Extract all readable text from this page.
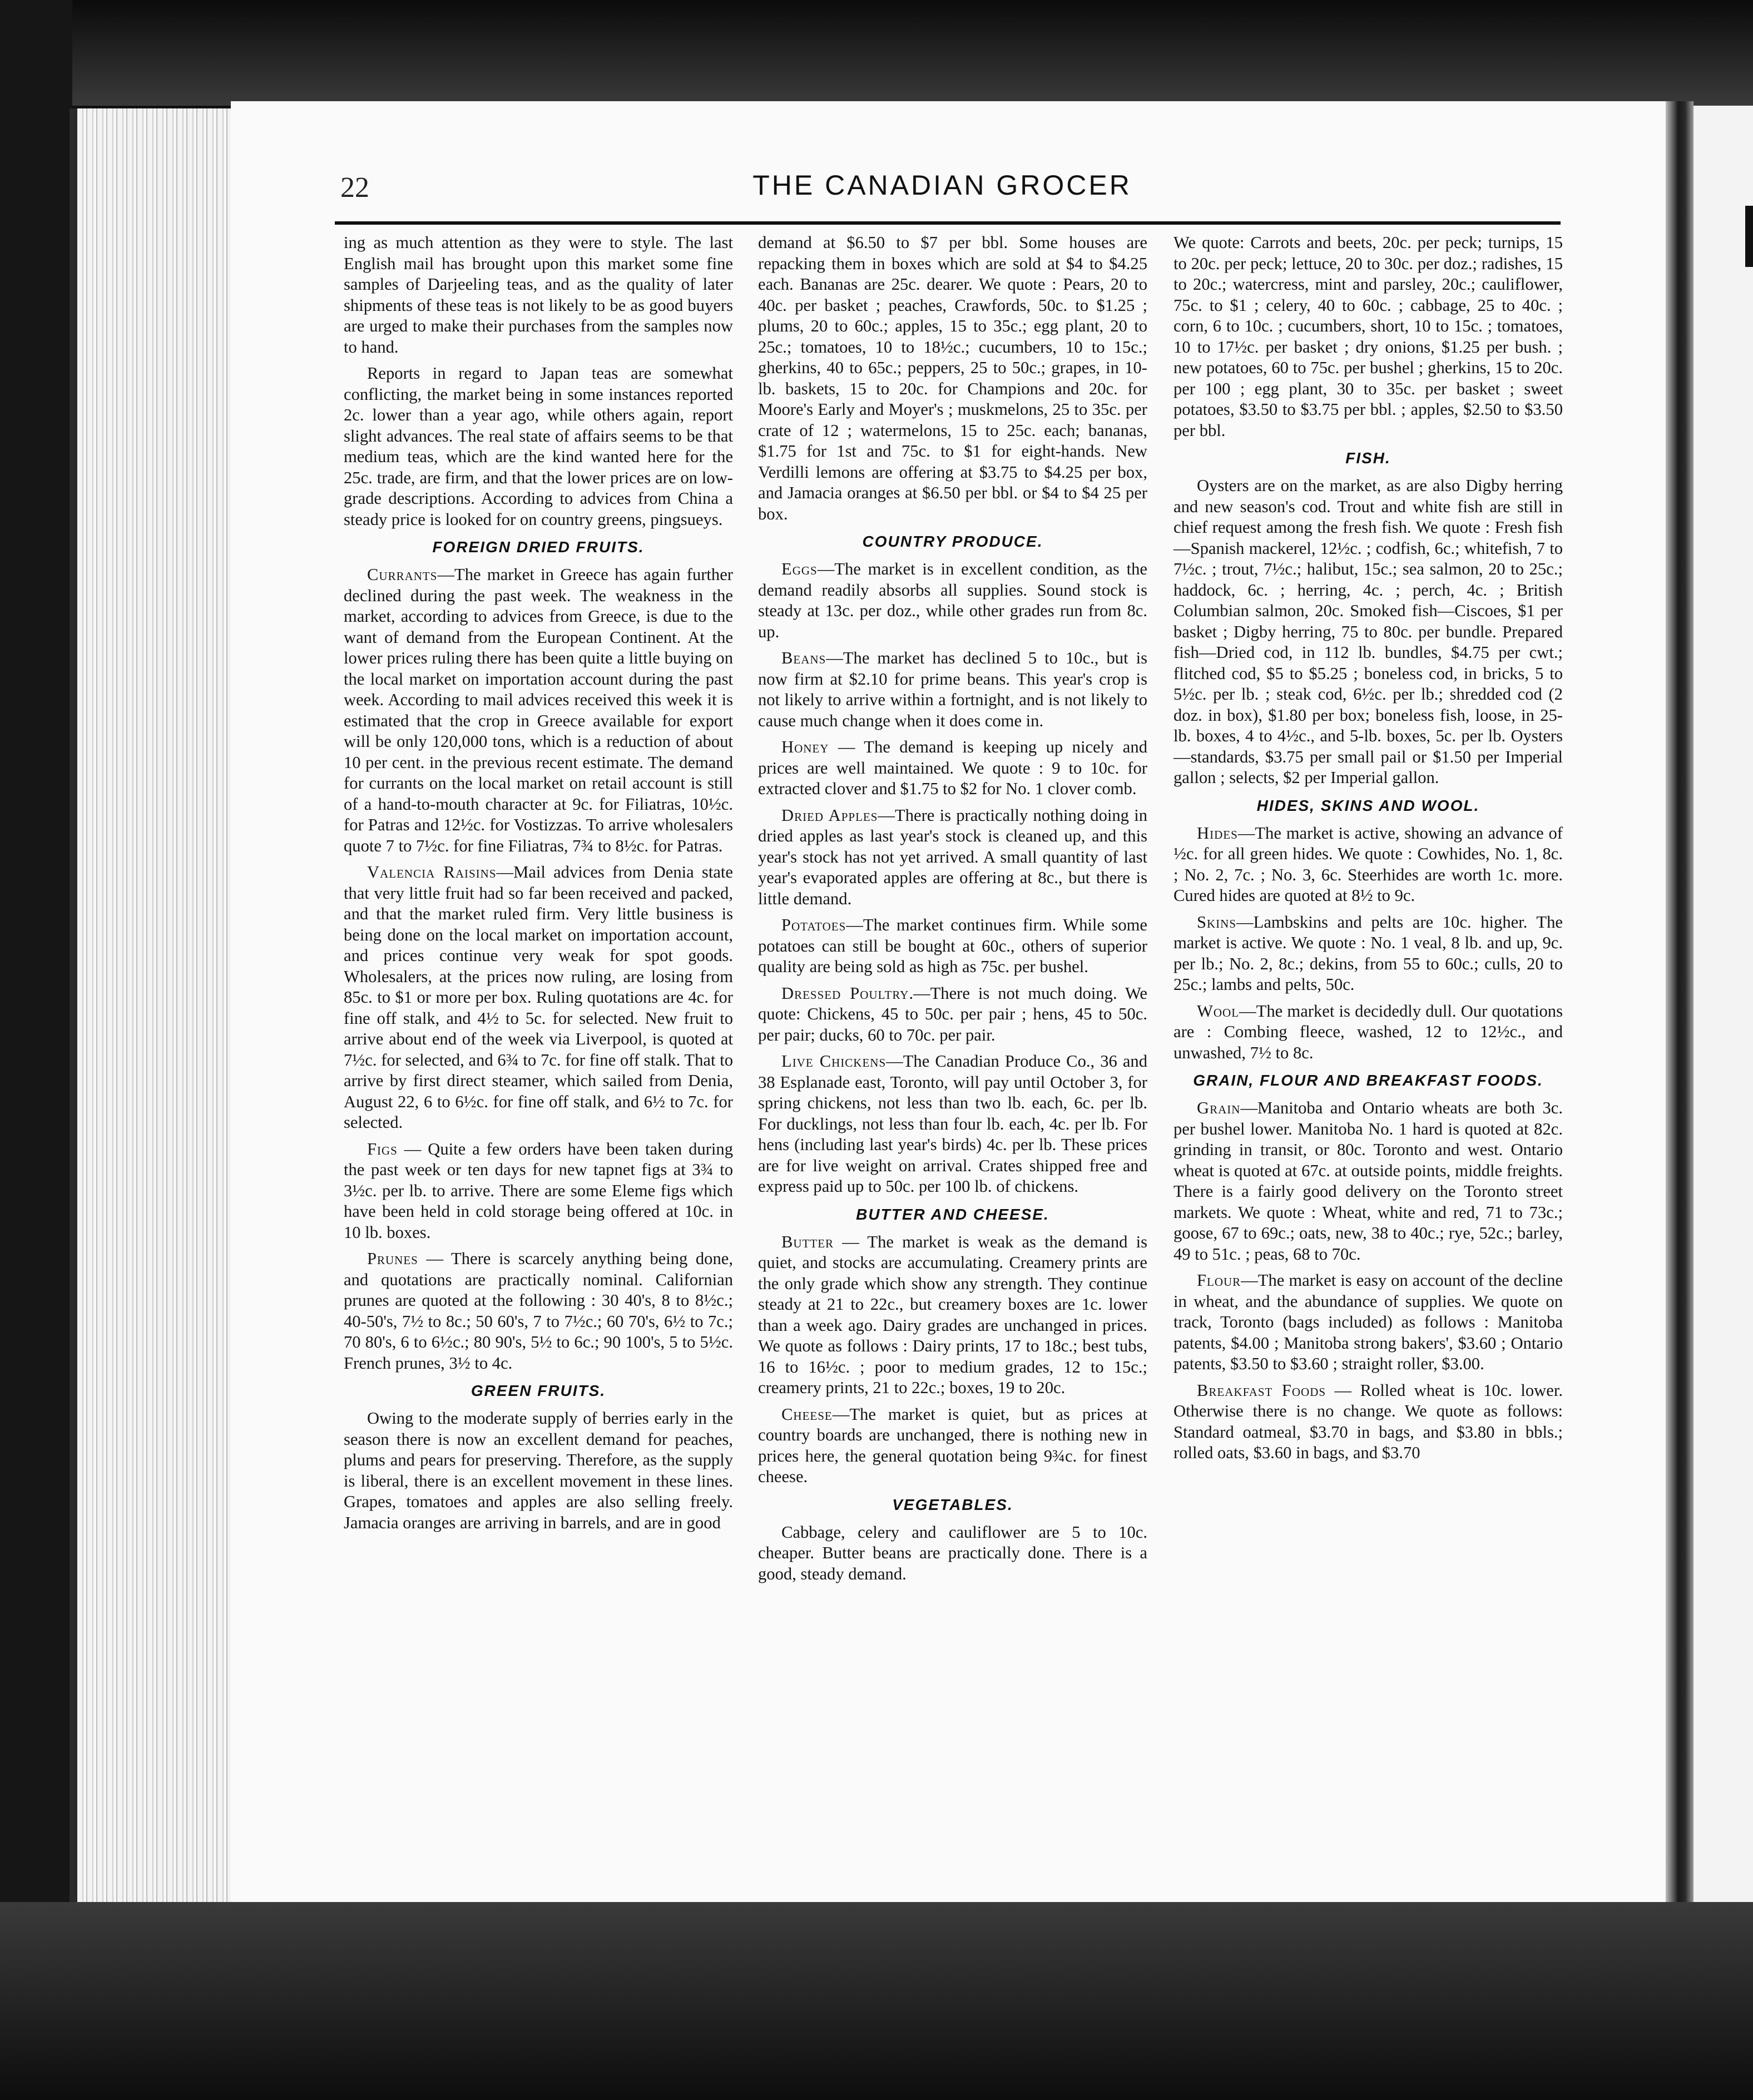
22	THE CANADIAN GROCER

ing as much attention as they were to style. The last English mail has brought upon this market some fine samples of Darjeeling teas, and as the quality of later shipments of these teas is not likely to be as good buyers are urged to make their purchases from the samples now to hand.

Reports in regard to Japan teas are somewhat conflicting, the market being in some instances reported 2c. lower than a year ago, while others again, report slight advances. The real state of affairs seems to be that medium teas, which are the kind wanted here for the 25c. trade, are firm, and that the lower prices are on low-grade descriptions. According to advices from China a steady price is looked for on country greens, pingsueys.

FOREIGN DRIED FRUITS.

Currants—The market in Greece has again further declined during the past week. The weakness in the market, according to advices from Greece, is due to the want of demand from the European Continent. At the lower prices ruling there has been quite a little buying on the local market on importation account during the past week. According to mail advices received this week it is estimated that the crop in Greece available for export will be only 120,000 tons, which is a reduction of about 10 per cent. in the previous recent estimate. The demand for currants on the local market on retail account is still of a hand-to-mouth character at 9c. for Filiatras, 10½c. for Patras and 12½c. for Vostizzas. To arrive wholesalers quote 7 to 7½c. for fine Filiatras, 7¾ to 8½c. for Patras.

Valencia Raisins—Mail advices from Denia state that very little fruit had so far been received and packed, and that the market ruled firm. Very little business is being done on the local market on importation account, and prices continue very weak for spot goods. Wholesalers, at the prices now ruling, are losing from 85c. to $1 or more per box. Ruling quotations are 4c. for fine off stalk, and 4½ to 5c. for selected. New fruit to arrive about end of the week via Liverpool, is quoted at 7½c. for selected, and 6¾ to 7c. for fine off stalk. That to arrive by first direct steamer, which sailed from Denia, August 22, 6 to 6½c. for fine off stalk, and 6½ to 7c. for selected.

Figs — Quite a few orders have been taken during the past week or ten days for new tapnet figs at 3¾ to 3½c. per lb. to arrive. There are some Eleme figs which have been held in cold storage being offered at 10c. in 10 lb. boxes.

Prunes — There is scarcely anything being done, and quotations are practically nominal. Californian prunes are quoted at the following : 30 40's, 8 to 8½c.; 40-50's, 7½ to 8c.; 50 60's, 7 to 7½c.; 60 70's, 6½ to 7c.; 70 80's, 6 to 6½c.; 80 90's, 5½ to 6c.; 90 100's, 5 to 5½c. French prunes, 3½ to 4c.

GREEN FRUITS.

Owing to the moderate supply of berries early in the season there is now an excellent demand for peaches, plums and pears for preserving. Therefore, as the supply is liberal, there is an excellent movement in these lines. Grapes, tomatoes and apples are also selling freely. Jamacia oranges are arriving in barrels, and are in good

demand at $6.50 to $7 per bbl. Some houses are repacking them in boxes which are sold at $4 to $4.25 each. Bananas are 25c. dearer. We quote : Pears, 20 to 40c. per basket ; peaches, Crawfords, 50c. to $1.25 ; plums, 20 to 60c.; apples, 15 to 35c.; egg plant, 20 to 25c.; tomatoes, 10 to 18½c.; cucumbers, 10 to 15c.; gherkins, 40 to 65c.; peppers, 25 to 50c.; grapes, in 10-lb. baskets, 15 to 20c. for Champions and 20c. for Moore's Early and Moyer's ; muskmelons, 25 to 35c. per crate of 12 ; watermelons, 15 to 25c. each; bananas, $1.75 for 1st and 75c. to $1 for eight-hands. New Verdilli lemons are offering at $3.75 to $4.25 per box, and Jamacia oranges at $6.50 per bbl. or $4 to $4 25 per box.

COUNTRY PRODUCE.

Eggs—The market is in excellent condition, as the demand readily absorbs all supplies. Sound stock is steady at 13c. per doz., while other grades run from 8c. up.

Beans—The market has declined 5 to 10c., but is now firm at $2.10 for prime beans. This year's crop is not likely to arrive within a fortnight, and is not likely to cause much change when it does come in.

Honey — The demand is keeping up nicely and prices are well maintained. We quote : 9 to 10c. for extracted clover and $1.75 to $2 for No. 1 clover comb.

Dried Apples—There is practically nothing doing in dried apples as last year's stock is cleaned up, and this year's stock has not yet arrived. A small quantity of last year's evaporated apples are offering at 8c., but there is little demand.

Potatoes—The market continues firm. While some potatoes can still be bought at 60c., others of superior quality are being sold as high as 75c. per bushel.

Dressed Poultry.—There is not much doing. We quote: Chickens, 45 to 50c. per pair ; hens, 45 to 50c. per pair; ducks, 60 to 70c. per pair.

Live Chickens—The Canadian Produce Co., 36 and 38 Esplanade east, Toronto, will pay until October 3, for spring chickens, not less than two lb. each, 6c. per lb. For ducklings, not less than four lb. each, 4c. per lb. For hens (including last year's birds) 4c. per lb. These prices are for live weight on arrival. Crates shipped free and express paid up to 50c. per 100 lb. of chickens.

BUTTER AND CHEESE.

Butter — The market is weak as the demand is quiet, and stocks are accumulating. Creamery prints are the only grade which show any strength. They continue steady at 21 to 22c., but creamery boxes are 1c. lower than a week ago. Dairy grades are unchanged in prices. We quote as follows : Dairy prints, 17 to 18c.; best tubs, 16 to 16½c. ; poor to medium grades, 12 to 15c.; creamery prints, 21 to 22c.; boxes, 19 to 20c.

Cheese—The market is quiet, but as prices at country boards are unchanged, there is nothing new in prices here, the general quotation being 9¾c. for finest cheese.

VEGETABLES.

Cabbage, celery and cauliflower are 5 to 10c. cheaper. Butter beans are practically done. There is a good, steady demand.

We quote: Carrots and beets, 20c. per peck; turnips, 15 to 20c. per peck; lettuce, 20 to 30c. per doz.; radishes, 15 to 20c.; watercress, mint and parsley, 20c.; cauliflower, 75c. to $1 ; celery, 40 to 60c. ; cabbage, 25 to 40c. ; corn, 6 to 10c. ; cucumbers, short, 10 to 15c. ; tomatoes, 10 to 17½c. per basket ; dry onions, $1.25 per bush. ; new potatoes, 60 to 75c. per bushel ; gherkins, 15 to 20c. per 100 ; egg plant, 30 to 35c. per basket ; sweet potatoes, $3.50 to $3.75 per bbl. ; apples, $2.50 to $3.50 per bbl.

FISH.

Oysters are on the market, as are also Digby herring and new season's cod. Trout and white fish are still in chief request among the fresh fish. We quote : Fresh fish—Spanish mackerel, 12½c. ; codfish, 6c.; whitefish, 7 to 7½c. ; trout, 7½c.; halibut, 15c.; sea salmon, 20 to 25c.; haddock, 6c. ; herring, 4c. ; perch, 4c. ; British Columbian salmon, 20c. Smoked fish—Ciscoes, $1 per basket ; Digby herring, 75 to 80c. per bundle. Prepared fish—Dried cod, in 112 lb. bundles, $4.75 per cwt.; flitched cod, $5 to $5.25 ; boneless cod, in bricks, 5 to 5½c. per lb. ; steak cod, 6½c. per lb.; shredded cod (2 doz. in box), $1.80 per box; boneless fish, loose, in 25-lb. boxes, 4 to 4½c., and 5-lb. boxes, 5c. per lb. Oysters—standards, $3.75 per small pail or $1.50 per Imperial gallon ; selects, $2 per Imperial gallon.

HIDES, SKINS AND WOOL.

Hides—The market is active, showing an advance of ½c. for all green hides. We quote : Cowhides, No. 1, 8c. ; No. 2, 7c. ; No. 3, 6c. Steerhides are worth 1c. more. Cured hides are quoted at 8½ to 9c.

Skins—Lambskins and pelts are 10c. higher. The market is active. We quote : No. 1 veal, 8 lb. and up, 9c. per lb.; No. 2, 8c.; dekins, from 55 to 60c.; culls, 20 to 25c.; lambs and pelts, 50c.

Wool—The market is decidedly dull. Our quotations are : Combing fleece, washed, 12 to 12½c., and unwashed, 7½ to 8c.

GRAIN, FLOUR AND BREAKFAST FOODS.

Grain—Manitoba and Ontario wheats are both 3c. per bushel lower. Manitoba No. 1 hard is quoted at 82c. grinding in transit, or 80c. Toronto and west. Ontario wheat is quoted at 67c. at outside points, middle freights. There is a fairly good delivery on the Toronto street markets. We quote : Wheat, white and red, 71 to 73c.; goose, 67 to 69c.; oats, new, 38 to 40c.; rye, 52c.; barley, 49 to 51c. ; peas, 68 to 70c.

Flour—The market is easy on account of the decline in wheat, and the abundance of supplies. We quote on track, Toronto (bags included) as follows : Manitoba patents, $4.00 ; Manitoba strong bakers', $3.60 ; Ontario patents, $3.50 to $3.60 ; straight roller, $3.00.

Breakfast Foods — Rolled wheat is 10c. lower. Otherwise there is no change. We quote as follows: Standard oatmeal, $3.70 in bags, and $3.80 in bbls.; rolled oats, $3.60 in bags, and $3.70
